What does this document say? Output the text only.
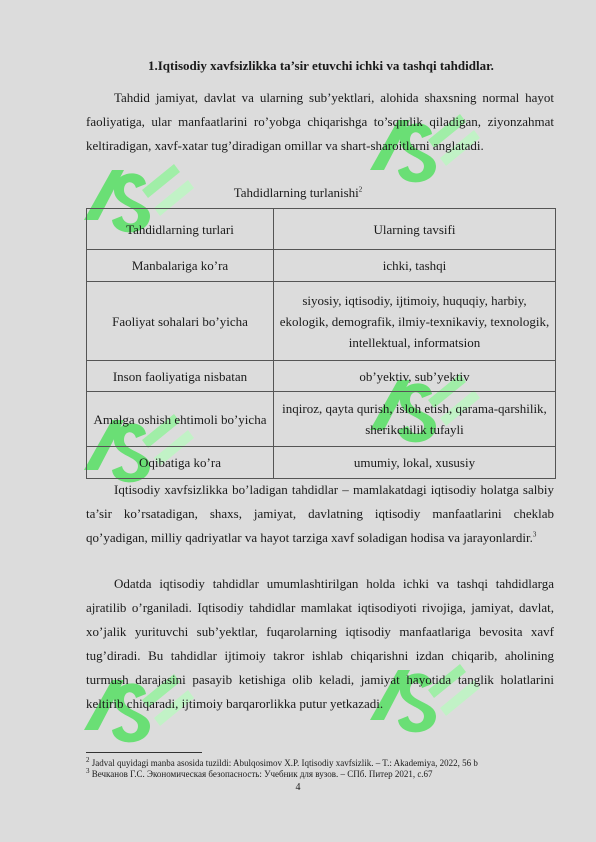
1.Iqtisodiy xavfsizlikka ta’sir etuvchi ichki va tashqi tahdidlar.

Tahdid jamiyat, davlat va ularning sub’yektlari, alohida shaxsning normal hayot faoliyatiga, ular manfaatlarini ro’yobga chiqarishga to’sqinlik qiladigan, ziyonzahmat keltiradigan, xavf-xatar tug’diradigan omillar va shart-sharoitlarni anglatadi.

Tahdidlarning turlanishi$^2$
Tahdidlarning turlari	Ularning tavsifi
Manbalariga ko’ra	ichki, tashqi
Faoliyat sohalari bo’yicha	siyosiy, iqtisodiy, ijtimoiy, huquqiy, harbiy, ekologik, demografik, ilmiy-texnikaviy, texnologik, intellektual, informatsion
Inson faoliyatiga nisbatan	ob’yektiv, sub’yektiv
Amalga oshish ehtimoli bo’yicha	inqiroz, qayta qurish, isloh etish, qarama-qarshilik, sherikchilik tufayli
Oqibatiga ko’ra	umumiy, lokal, xususiy

Iqtisodiy xavfsizlikka bo’ladigan tahdidlar – mamlakatdagi iqtisodiy holatga salbiy ta’sir ko’rsatadigan, shaxs, jamiyat, davlatning iqtisodiy manfaatlarini cheklab qo’yadigan, milliy qadriyatlar va hayot tarziga xavf soladigan hodisa va jarayonlardir.$^3$

Odatda iqtisodiy tahdidlar umumlashtirilgan holda ichki va tashqi tahdidlarga ajratilib o’rganiladi. Iqtisodiy tahdidlar mamlakat iqtisodiyoti rivojiga, jamiyat, davlat, xo’jalik yurituvchi sub’yektlar, fuqarolarning iqtisodiy manfaatlariga bevosita xavf tug’diradi. Bu tahdidlar ijtimoiy takror ishlab chiqarishni izdan chiqarib, aholining turmush darajasini pasayib ketishiga olib keladi, jamiyat hayotida tanglik holatlarini keltirib chiqaradi, ijtimoiy barqarorlikka putur yetkazadi.

$^2$ Jadval quyidagi manba asosida tuzildi: Abulqosimov X.P. Iqtisodiy xavfsizlik. – T.: Akademiya, 2022, 56 b
$^3$ Вечканов Г.С. Экономическая безопасность: Учебник для вузов. – СПб. Питер 2021, с.67
4
